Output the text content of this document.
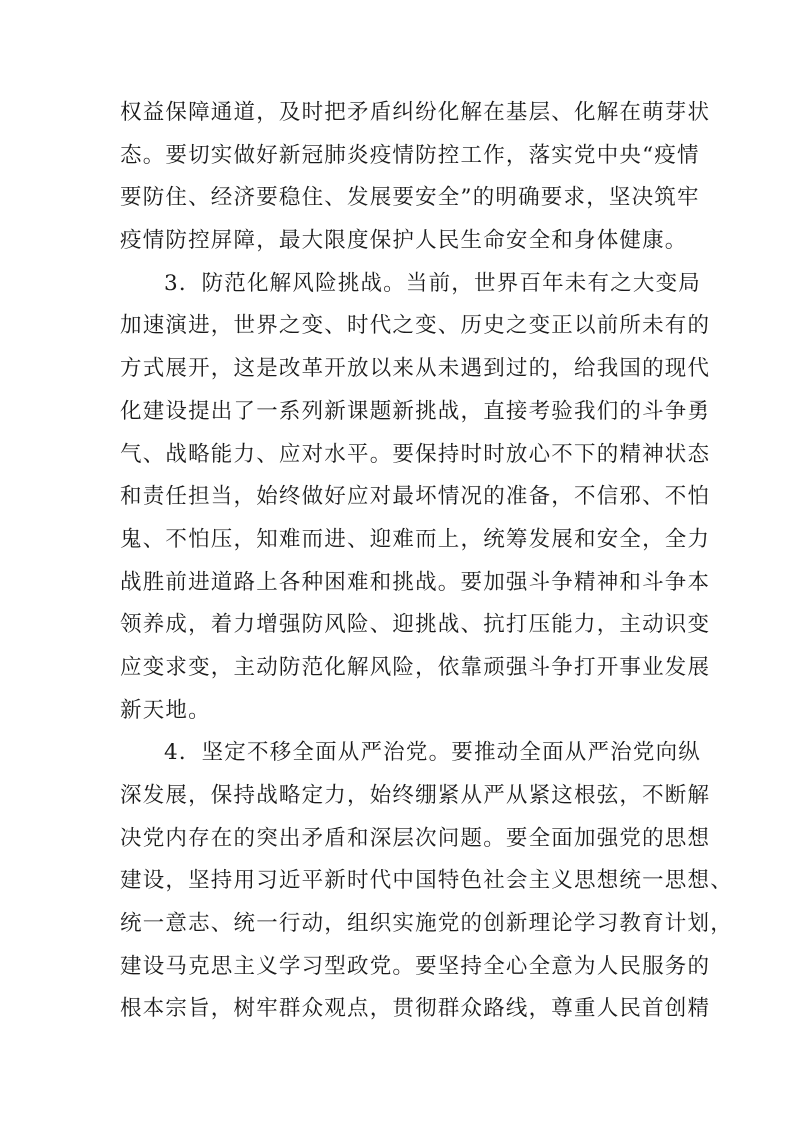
权益保障通道，及时把矛盾纠纷化解在基层、化解在萌芽状
态。要切实做好新冠肺炎疫情防控工作，落实党中央“疫情
要防住、经济要稳住、发展要安全”的明确要求，坚决筑牢
疫情防控屏障，最大限度保护人民生命安全和身体健康。
3．防范化解风险挑战。当前，世界百年未有之大变局
加速演进，世界之变、时代之变、历史之变正以前所未有的
方式展开，这是改革开放以来从未遇到过的，给我国的现代
化建设提出了一系列新课题新挑战，直接考验我们的斗争勇
气、战略能力、应对水平。要保持时时放心不下的精神状态
和责任担当，始终做好应对最坏情况的准备，不信邪、不怕
鬼、不怕压，知难而进、迎难而上，统筹发展和安全，全力
战胜前进道路上各种困难和挑战。要加强斗争精神和斗争本
领养成，着力增强防风险、迎挑战、抗打压能力，主动识变
应变求变，主动防范化解风险，依靠顽强斗争打开事业发展
新天地。
4．坚定不移全面从严治党。要推动全面从严治党向纵
深发展，保持战略定力，始终绷紧从严从紧这根弦，不断解
决党内存在的突出矛盾和深层次问题。要全面加强党的思想
建设，坚持用习近平新时代中国特色社会主义思想统一思想、
统一意志、统一行动，组织实施党的创新理论学习教育计划，
建设马克思主义学习型政党。要坚持全心全意为人民服务的
根本宗旨，树牢群众观点，贯彻群众路线，尊重人民首创精
